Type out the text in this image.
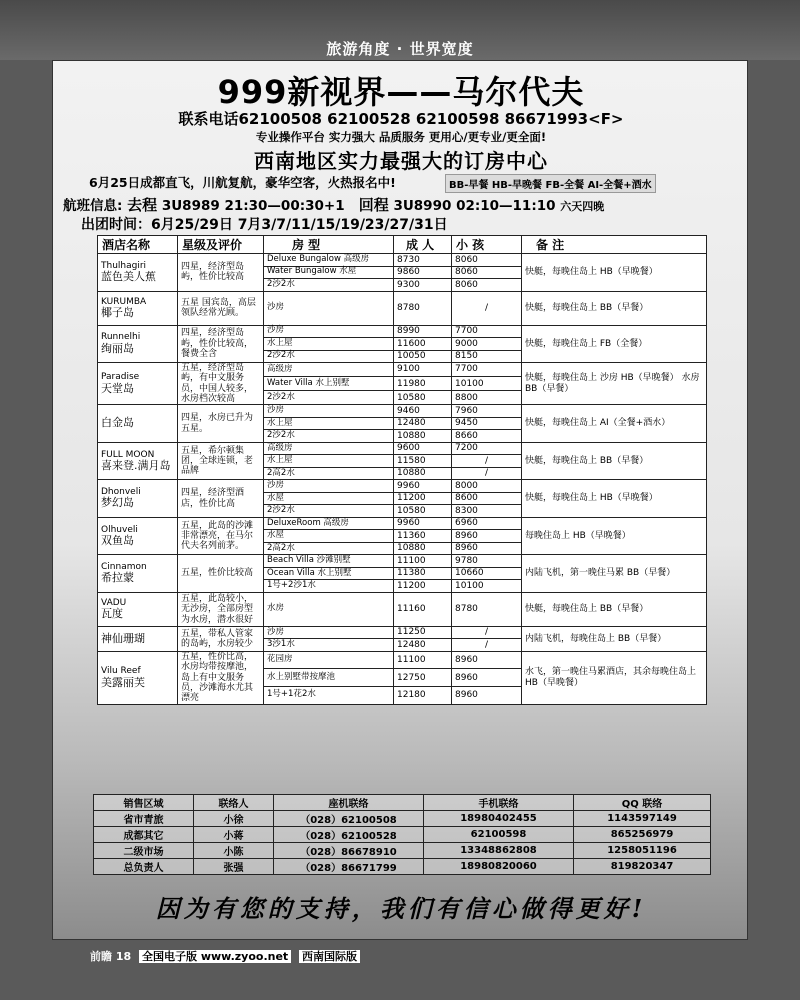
旅游角度 · 世界宽度
999新视界——马尔代夫
联系电话62100508 62100528 62100598 86671993<F>
专业操作平台 实力强大 品质服务 更用心/更专业/更全面!
西南地区实力最强大的订房中心
6月25日成都直飞，川航复航，豪华空客，火热报名中!	BB-早餐 HB-早晚餐 FB-全餐 AI-全餐+酒水
航班信息: 去程 3U8989 21:30—00:30+1 回程 3U8990 02:10—11:10 六天四晚
出团时间：6月25/29日 7月3/7/11/15/19/23/27/31日
酒店名称	星级及评价	房 型	成 人	小 孩	备 注

Thulhagiri
蓝色美人蕉	四星，经济型岛屿，性价比较高	Deluxe Bungalow 高级房	8730	8060	快艇，每晚住岛上 HB（早晚餐）
		Water Bungalow 水屋	9860	8060	
		2沙2水	9300	8060	

KURUMBA
椰子岛	五星 国宾岛，高层领队经常光顾。	沙房	8780	/	快艇，每晚住岛上 BB（早餐）

Runnelhi
绚丽岛	四星，经济型岛屿，性价比较高，餐费全含	沙房	8990	7700	快艇，每晚住岛上 FB（全餐）
		水上屋	11600	9000	
		2沙2水	10050	8150	

Paradise
天堂岛	五星，经济型岛屿，有中文服务员，中国人较多，水房档次较高	高级房	9100	7700	快艇，每晚住岛上 沙房 HB（早晚餐） 水房 BB（早餐）
		Water Villa 水上别墅	11980	10100	
		2沙2水	10580	8800	

白金岛	四星，水房已升为五星。	沙房	9460	7960	快艇，每晚住岛上 AI（全餐+酒水）
		水上屋	12480	9450	
		2沙2水	10880	8660	

FULL MOON
喜来登.满月岛	五星，希尔顿集团，全球连锁，老品牌	高级房	9600	7200	快艇，每晚住岛上 BB（早餐）
		水上屋	11580	/	
		2高2水	10880	/	

Dhonveli
梦幻岛	四星，经济型酒店，性价比高	沙房	9960	8000	快艇，每晚住岛上 HB（早晚餐）
		水屋	11200	8600	
		2沙2水	10580	8300	

Olhuveli
双鱼岛	五星，此岛的沙滩非常漂亮，在马尔代夫名列前茅。	DeluxeRoom 高级房	9960	6960	每晚住岛上 HB（早晚餐）
		水屋	11360	8960	
		2高2水	10880	8960	

Cinnamon
希拉蒙	五星，性价比较高	Beach Villa 沙滩别墅	11100	9780	内陆飞机，第一晚住马累 BB（早餐）
		Ocean Villa 水上别墅	11380	10660	
		1号+2沙1水	11200	10100	

VADU
瓦度	五星，此岛较小，无沙房，全部房型为水房，潜水很好	水房	11160	8780	快艇，每晚住岛上 BB（早餐）

神仙珊瑚	五星，带私人管家的岛屿，水房较少	沙房	11250	/	内陆飞机，每晚住岛上 BB（早餐）
		3沙1水	12480	/	

Vilu Reef
美露丽芙	五星，性价比高，水房均带按摩池，岛上有中文服务员，沙滩海水尤其漂亮	花园房	11100	8960	水飞，第一晚住马累酒店，其余每晚住岛上 HB（早晚餐）
		水上别墅带按摩池	12750	8960	
		1号+1花2水	12180	8960	
销售区域	联络人	座机联络	手机联络	QQ 联络
省市青旅	小徐	（028）62100508	18980402455	1143597149
成都其它	小蒋	（028）62100528	62100598	865256979
二级市场	小陈	（028）86678910	13348862808	1258051196
总负责人	张强	（028）86671799	18980820060	819820347
因为有您的支持，我们有信心做得更好!
前瞻 18 全国电子版 www.zyoo.net 西南国际版
